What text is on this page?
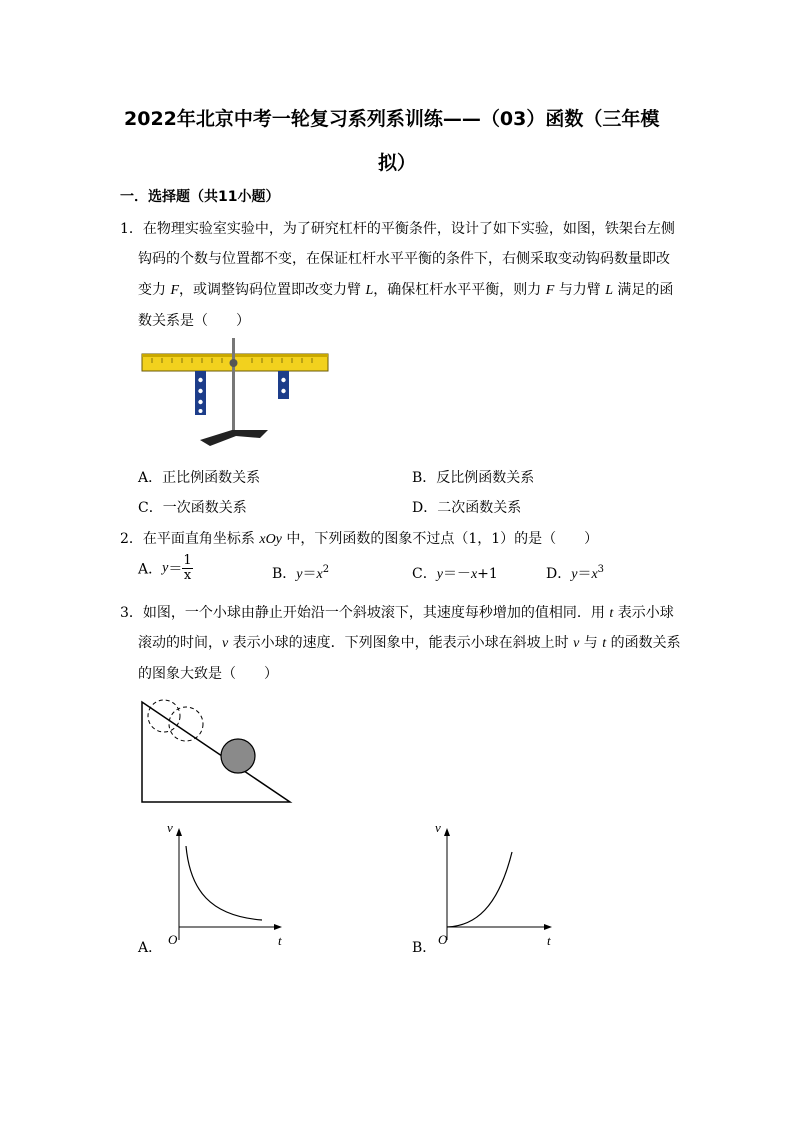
2022年北京中考一轮复习系列系训练——（03）函数（三年模
拟）
一．选择题（共11小题）
1．在物理实验室实验中，为了研究杠杆的平衡条件，设计了如下实验，如图，铁架台左侧
钩码的个数与位置都不变，在保证杠杆水平平衡的条件下，右侧采取变动钩码数量即改
变力 F，或调整钩码位置即改变力臂 L，确保杠杆水平平衡，则力 F 与力臂 L 满足的函
数关系是（　　）
A．正比例函数关系	B．反比例函数关系
C．一次函数关系	D．二次函数关系
2．在平面直角坐标系 xOy 中，下列函数的图象不过点（1，1）的是（　　）
A．$y= \frac{1}{x}$	B．$y=x^2$	C．y＝－x+1	D．$y=x^3$
3．如图，一个小球由静止开始沿一个斜坡滚下，其速度每秒增加的值相同．用 t 表示小球
滚动的时间，v 表示小球的速度．下列图象中，能表示小球在斜坡上时 v 与 t 的函数关系
的图象大致是（　　）
v
t
O
A．
v
t
O
B．
